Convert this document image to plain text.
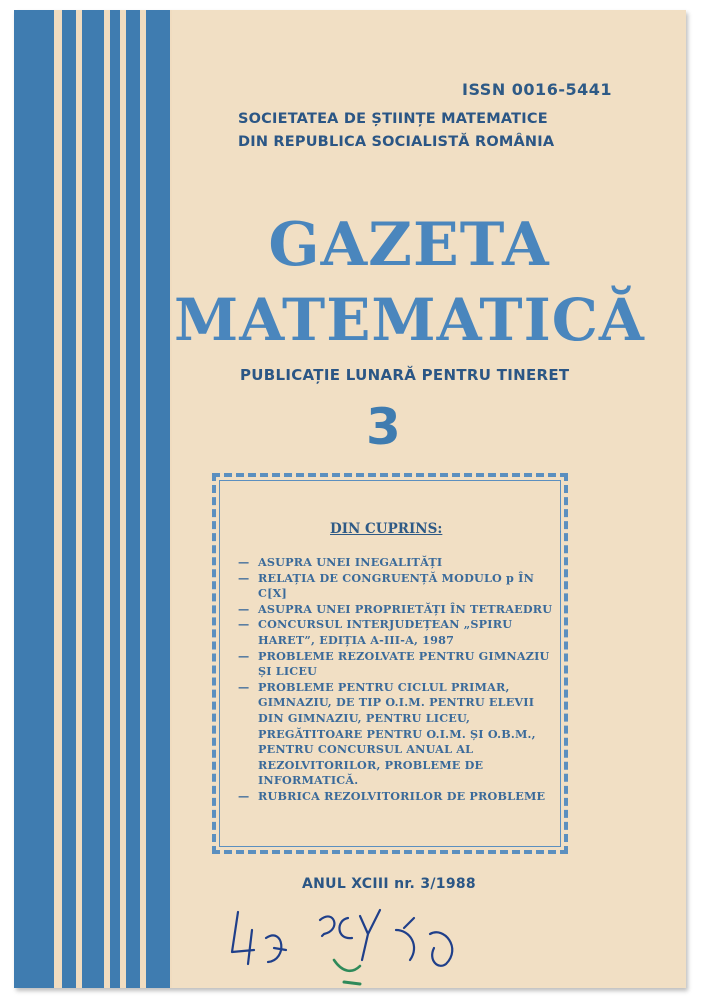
ISSN 0016-5441
SOCIETATEA DE ȘTIINȚE MATEMATICE
DIN REPUBLICA SOCIALISTĂ ROMÂNIA
GAZETA
MATEMATICĂ
PUBLICAȚIE LUNARĂ PENTRU TINERET
3
DIN CUPRINS:
— ASUPRA UNEI INEGALITĂȚI
— RELAȚIA DE CONGRUENȚĂ MODULO p ÎN C[X]
— ASUPRA UNEI PROPRIETĂȚI ÎN TETRAEDRU
— CONCURSUL INTERJUDEȚEAN „SPIRU HARET”, EDIȚIA A-III-A, 1987
— PROBLEME REZOLVATE PENTRU GIMNAZIU ȘI LICEU
— PROBLEME PENTRU CICLUL PRIMAR, GIMNAZIU, DE TIP O.I.M. PENTRU ELEVII DIN GIMNAZIU, PENTRU LICEU, PREGĂTITOARE PENTRU O.I.M. ȘI O.B.M., PENTRU CONCURSUL ANUAL AL REZOLVITORILOR, PROBLEME DE INFORMATICĂ.
— RUBRICA REZOLVITORILOR DE PROBLEME
ANUL XCIII nr. 3/1988
